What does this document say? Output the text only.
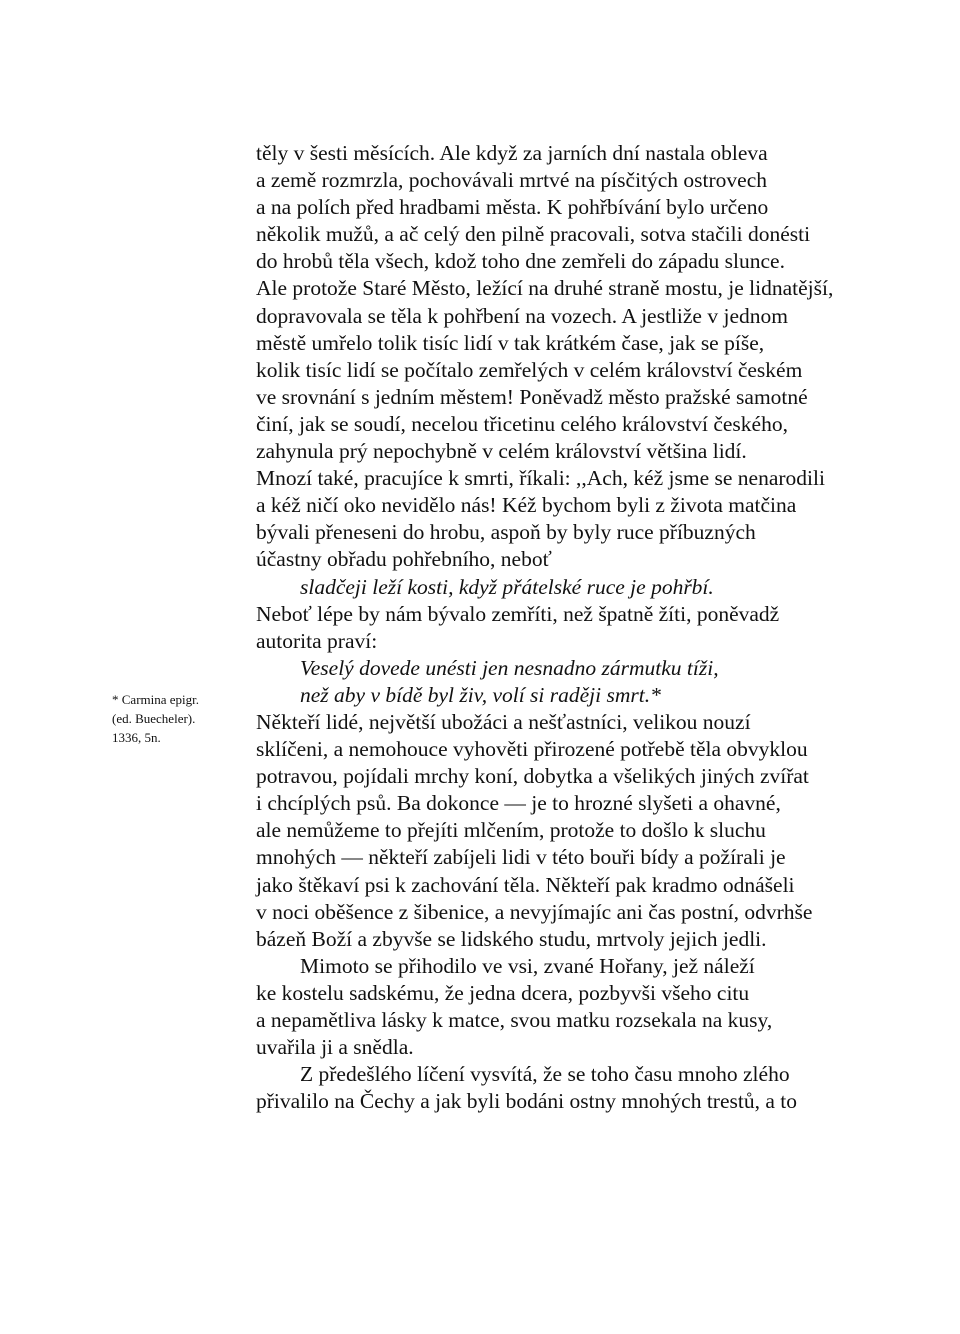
* Carmina epigr.
(ed. Buecheler).
1336, 5n.
těly v šesti měsících. Ale když za jarních dní nastala obleva
a země rozmrzla, pochovávali mrtvé na písčitých ostrovech
a na polích před hradbami města. K pohřbívání bylo určeno
několik mužů, a ač celý den pilně pracovali, sotva stačili donésti
do hrobů těla všech, kdož toho dne zemřeli do západu slunce.
Ale protože Staré Město, ležící na druhé straně mostu, je lidnatější,
dopravovala se těla k pohřbení na vozech. A jestliže v jednom
městě umřelo tolik tisíc lidí v tak krátkém čase, jak se píše,
kolik tisíc lidí se počítalo zemřelých v celém království českém
ve srovnání s jedním městem! Poněvadž město pražské samotné
činí, jak se soudí, necelou třicetinu celého království českého,
zahynula prý nepochybně v celém království většina lidí.
Mnozí také, pracujíce k smrti, říkali: ,,Ach, kéž jsme se nenarodili
a kéž ničí oko nevidělo nás! Kéž bychom byli z života matčina
bývali přeneseni do hrobu, aspoň by byly ruce příbuzných
účastny obřadu pohřebního, neboť
sladčeji leží kosti, když přátelské ruce je pohřbí.
Neboť lépe by nám bývalo zemříti, než špatně žíti, poněvadž
autorita praví:
Veselý dovede unésti jen nesnadno zármutku tíži,
než aby v bídě byl živ, volí si raději smrt.*
Někteří lidé, největší ubožáci a nešťastníci, velikou nouzí
sklíčeni, a nemohouce vyhověti přirozené potřebě těla obvyklou
potravou, pojídali mrchy koní, dobytka a všelikých jiných zvířat
i chcíplých psů. Ba dokonce — je to hrozné slyšeti a ohavné,
ale nemůžeme to přejíti mlčením, protože to došlo k sluchu
mnohých — někteří zabíjeli lidi v této bouři bídy a požírali je
jako štěkaví psi k zachování těla. Někteří pak kradmo odnášeli
v noci oběšence z šibenice, a nevyjímajíc ani čas postní, odvrhše
bázeň Boží a zbyvše se lidského studu, mrtvoly jejich jedli.
Mimoto se přihodilo ve vsi, zvané Hořany, jež náleží
ke kostelu sadskému, že jedna dcera, pozbyvši všeho citu
a nepamětliva lásky k matce, svou matku rozsekala na kusy,
uvařila ji a snědla.
Z předešlého líčení vysvítá, že se toho času mnoho zlého
přivalilo na Čechy a jak byli bodáni ostny mnohých trestů, a to
